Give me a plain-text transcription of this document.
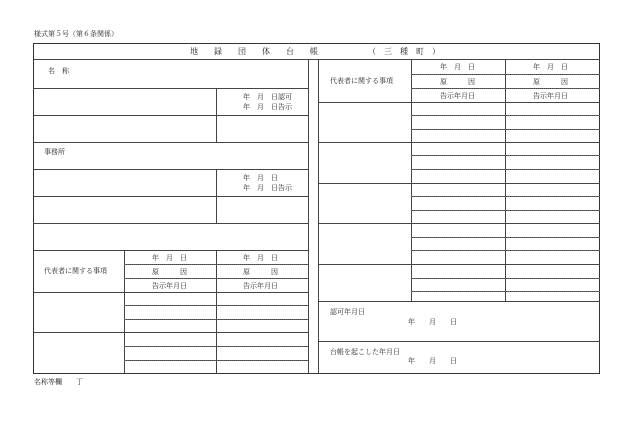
様式第５号（第６条関係）
地　　録　　団　　体　　台　　帳	（　三　種　町　）
名　称
年　月　日認可
年　月　日告示
事務所
年　月　日
年　月　日告示
代表者に関する事項
年　月　日	年　月　日
原　　　因	原　　　因
告示年月日	告示年月日
代表者に関する事項
年　月　日	年　月　日
原　　　因	原　　　因
告示年月日	告示年月日
認可年月日
年　　月　　日
台帳を起こした年月日
年　　月　　日
名称等欄　　丁
